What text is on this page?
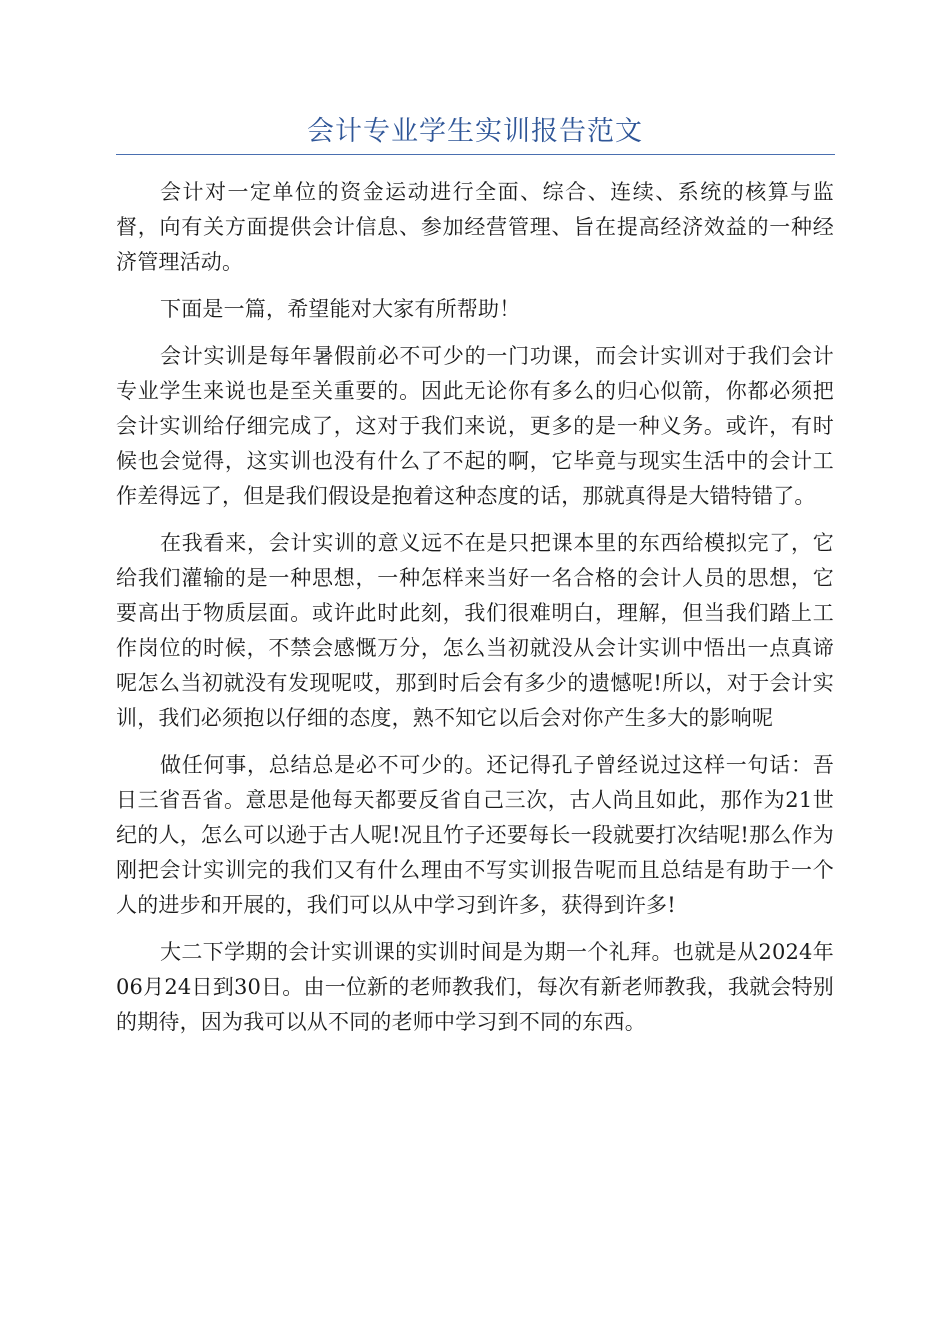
会计专业学生实训报告范文

会计对一定单位的资金运动进行全面、综合、连续、系统的核算与监督，向有关方面提供会计信息、参加经营管理、旨在提高经济效益的一种经济管理活动。

下面是一篇，希望能对大家有所帮助！

会计实训是每年暑假前必不可少的一门功课，而会计实训对于我们会计专业学生来说也是至关重要的。因此无论你有多么的归心似箭，你都必须把会计实训给仔细完成了，这对于我们来说，更多的是一种义务。或许，有时候也会觉得，这实训也没有什么了不起的啊，它毕竟与现实生活中的会计工作差得远了，但是我们假设是抱着这种态度的话，那就真得是大错特错了。

在我看来，会计实训的意义远不在是只把课本里的东西给模拟完了，它给我们灌输的是一种思想，一种怎样来当好一名合格的会计人员的思想，它要高出于物质层面。或许此时此刻，我们很难明白，理解，但当我们踏上工作岗位的时候，不禁会感慨万分，怎么当初就没从会计实训中悟出一点真谛呢怎么当初就没有发现呢哎，那到时后会有多少的遗憾呢!所以，对于会计实训，我们必须抱以仔细的态度，熟不知它以后会对你产生多大的影响呢

做任何事，总结总是必不可少的。还记得孔子曾经说过这样一句话：吾日三省吾省。意思是他每天都要反省自己三次，古人尚且如此，那作为21世纪的人，怎么可以逊于古人呢!况且竹子还要每长一段就要打次结呢!那么作为刚把会计实训完的我们又有什么理由不写实训报告呢而且总结是有助于一个人的进步和开展的，我们可以从中学习到许多，获得到许多!

大二下学期的会计实训课的实训时间是为期一个礼拜。也就是从2024年06月24日到30日。由一位新的老师教我们，每次有新老师教我，我就会特别的期待，因为我可以从不同的老师中学习到不同的东西。
